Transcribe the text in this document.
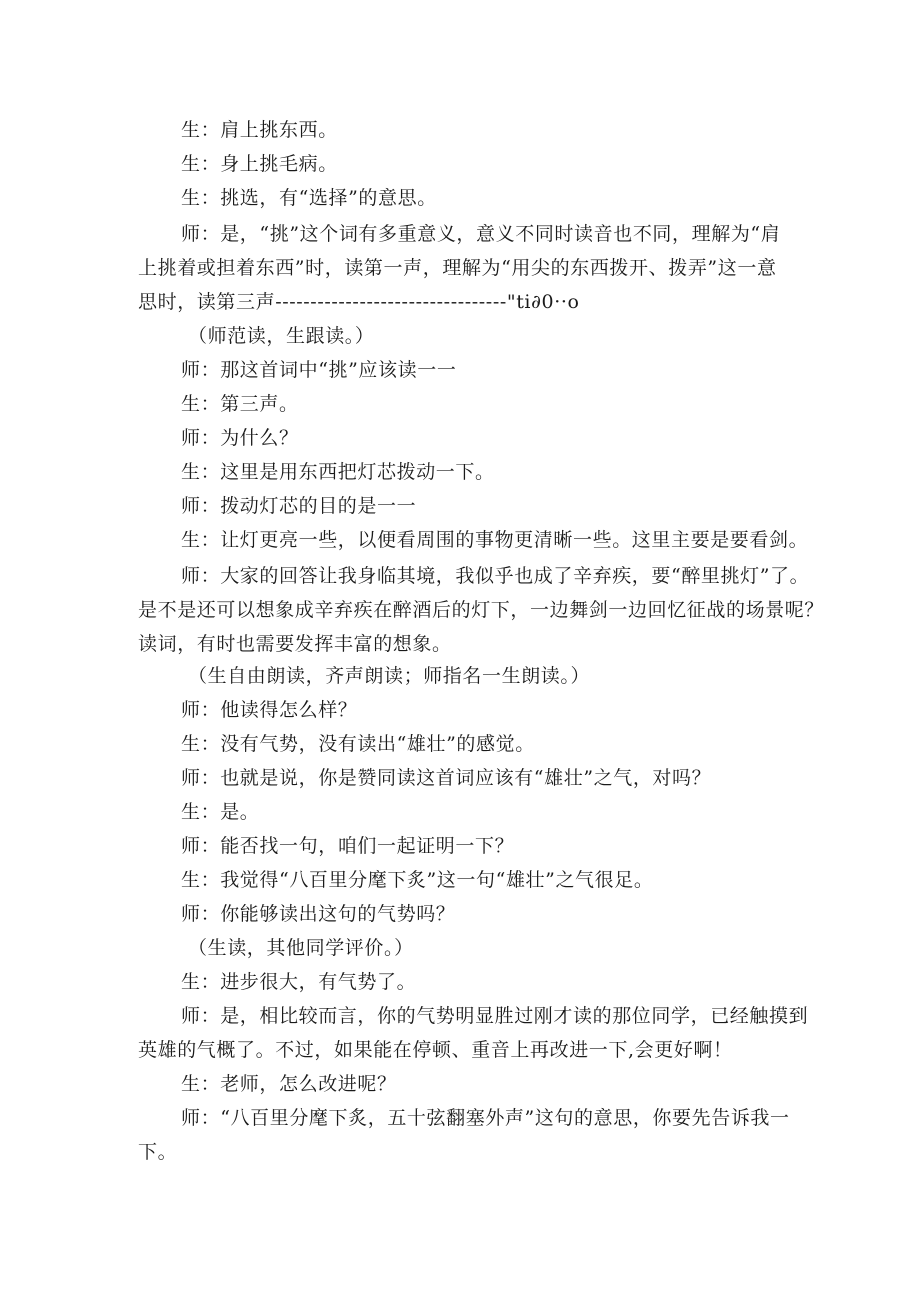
生：肩上挑东西。
生：身上挑毛病。
生：挑选，有“选择”的意思。
师：是，“挑”这个词有多重意义，意义不同时读音也不同，理解为“肩
上挑着或担着东西”时，读第一声，理解为“用尖的东西拨开、拨弄”这一意
思时，读第三声---------------------------------"ti∂0··o
（师范读，生跟读。）
师：那这首词中“挑”应该读一一
生：第三声。
师：为什么？
生：这里是用东西把灯芯拨动一下。
师：拨动灯芯的目的是一一
生：让灯更亮一些，以便看周围的事物更清晰一些。这里主要是要看剑。
师：大家的回答让我身临其境，我似乎也成了辛弃疾，要“醉里挑灯”了。
是不是还可以想象成辛弃疾在醉酒后的灯下，一边舞剑一边回忆征战的场景呢？
读词，有时也需要发挥丰富的想象。
（生自由朗读，齐声朗读；师指名一生朗读。）
师：他读得怎么样？
生：没有气势，没有读出“雄壮”的感觉。
师：也就是说，你是赞同读这首词应该有“雄壮”之气，对吗？
生：是。
师：能否找一句，咱们一起证明一下？
生：我觉得“八百里分麾下炙”这一句“雄壮”之气很足。
师：你能够读出这句的气势吗？
（生读，其他同学评价。）
生：进步很大，有气势了。
师：是，相比较而言，你的气势明显胜过刚才读的那位同学，已经触摸到
英雄的气概了。不过，如果能在停顿、重音上再改进一下,会更好啊！
生：老师，怎么改进呢？
师：“八百里分麾下炙，五十弦翻塞外声”这句的意思，你要先告诉我一
下。
